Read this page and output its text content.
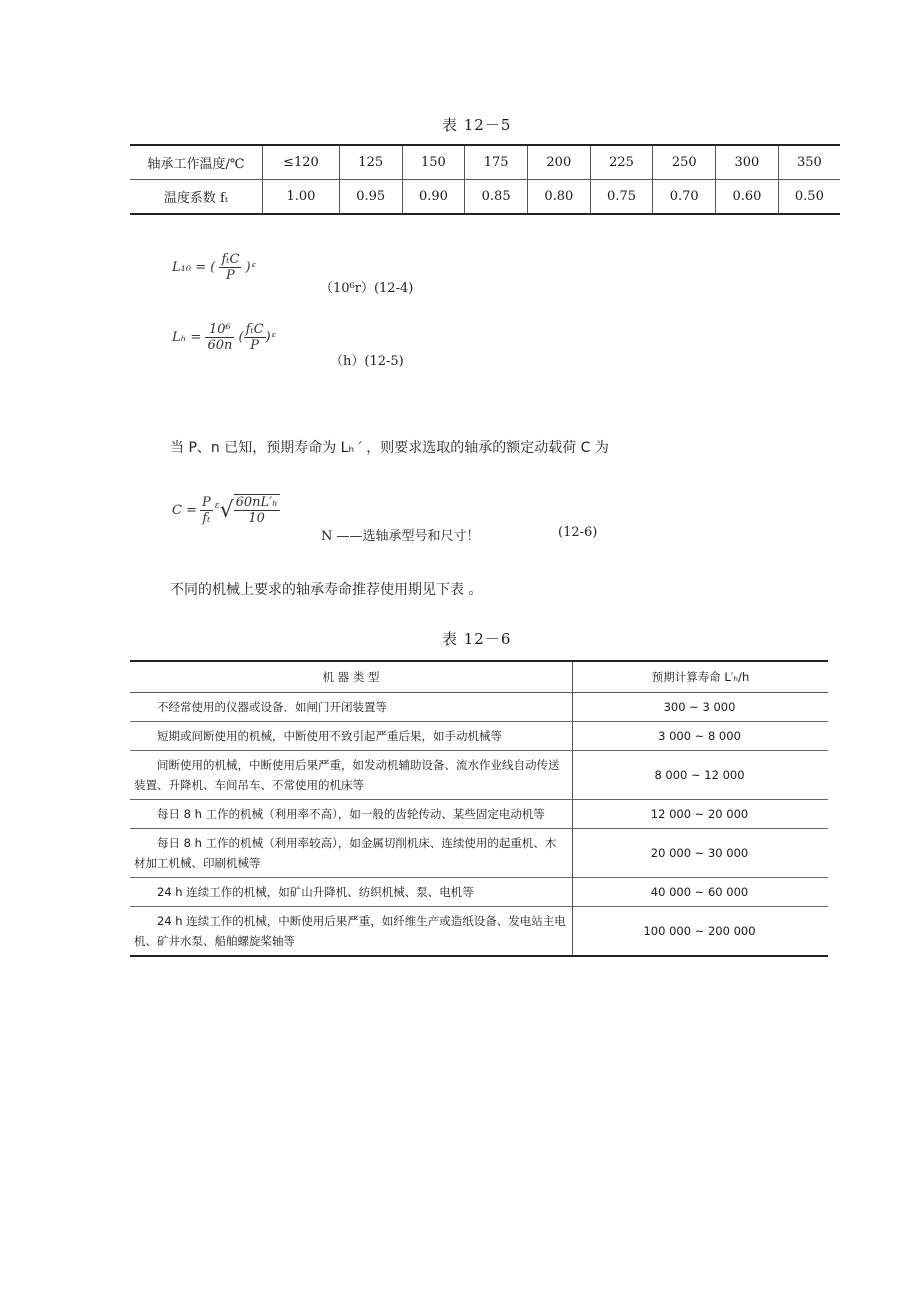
表 12－5
轴承工作温度/℃	≤120	125	150	175	200	225	250	300	350
温度系数 fₜ	1.00	0.95	0.90	0.85	0.80	0.75	0.70	0.60	0.50
L₁₀ = ( $\frac{\text{fₜC}}{P}$ )ᵋ
（10⁶r）(12-4)
$L_h = \frac{\text{10⁶}}{60n}$ ( $\frac{\text{fₜC}}{P}$ )ᵋ
（h）(12-5)
当 P、n 已知，预期寿命为 Lₕ ′ ，则要求选取的轴承的额定动载荷 C 为
$C = \frac{P}{\text{fₜ}}$ ε √ $\frac{\text{60nL′ₕ}}{10}$
N ——选轴承型号和尺寸！	(12-6)
不同的机械上要求的轴承寿命推荐使用期见下表 。
表 12－6
机 器 类 型	预期计算寿命 L′ₕ/h
不经常使用的仪器或设备．如闸门开闭装置等	300 ~ 3 000
短期或间断使用的机械，中断使用不致引起严重后果，如手动机械等	3 000 ~ 8 000
间断使用的机械，中断使用后果严重，如发动机辅助设备、流水作业线自动传送装置、升降机、车间吊车、不常使用的机床等	8 000 ~ 12 000
每日 8 h 工作的机械（利用率不高），如一般的齿轮传动、某些固定电动机等	12 000 ~ 20 000
每日 8 h 工作的机械（利用率较高），如金属切削机床、连续使用的起重机、木材加工机械、印刷机械等	20 000 ~ 30 000
24 h 连续工作的机械，如矿山升降机、纺织机械、泵、电机等	40 000 ~ 60 000
24 h 连续工作的机械，中断使用后果严重，如纤维生产或造纸设备、发电站主电机、矿井水泵、船舶螺旋桨轴等	100 000 ~ 200 000
